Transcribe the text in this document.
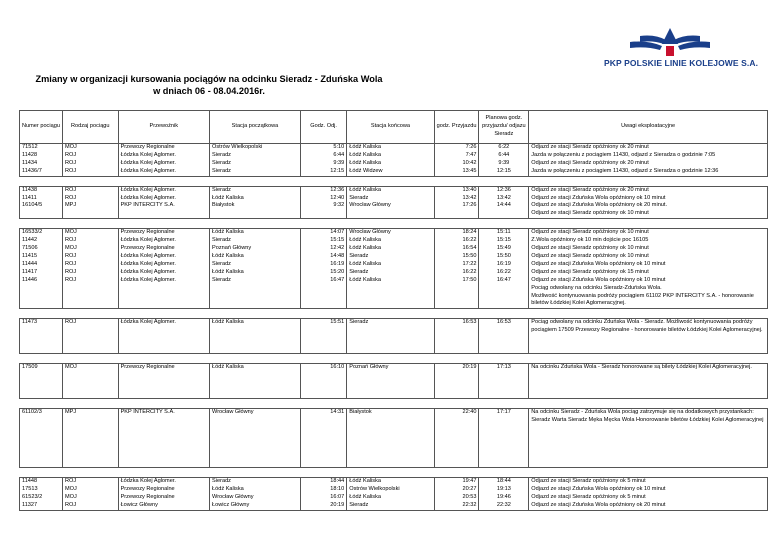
Zmiany w organizacji kursowania pociągów na odcinku Sieradz - Zduńska Wola
w dniach 06 - 08.04.2016r.
PKP POLSKIE LINIE KOLEJOWE S.A.
Numer pociągu	Rodzaj pociągu	Przewoźnik	Stacja początkowa	Godz. Odj.	Stacja końcowa	godz. Przyjazdu	Planowa godz. przyjazdu/ odjazu Sieradz	Uwagi eksploatacyjne
71512	MOJ	Przewozy Regionalne	Ostrów Wielkopolski	5:10	Łódź Kaliska	7:26	6:22	Odjazd ze stacji Sieradz opóźniony ok 20 minut
11428	ROJ	Łódzka Kolej Aglomer.	Sieradz	6:44	Łódź Kaliska	7:47	6:44	Jazda w połączeniu z pociągiem 11430, odjazd z Sieradza o godzinie 7:05
11434	ROJ	Łódzka Kolej Aglomer.	Sieradz	9:39	Łódź Kaliska	10:42	9:39	Odjazd ze stacji Sieradz opóźniony ok 20 minut
11436/7	ROJ	Łódzka Kolej Aglomer.	Sieradz	12:15	Łódź Widzew	13:45	12:15	Jazda w połączeniu z pociągiem 11430, odjazd z Sieradza o godzinie 12:36

11438	ROJ	Łódzka Kolej Aglomer.	Sieradz	12:36	Łódź Kaliska	13:40	12:36	Odjazd ze stacji Sieradz opóźniony ok 20 minut
11411	ROJ	Łódzka Kolej Aglomer.	Łódź Kaliska	12:40	Sieradz	13:42	13:42	Odjazd ze stacji Zduńska Wola opóźniony ok 10 minut
16104/5	MPJ	PKP INTERCITY S.A.	Białystok	9:32	Wrocław Główny	17:26	14:44	Odjazd ze stacji Zduńska Wola opóźniony ok 20 minut.
								Odjazd ze stacji Sieradz opóźniony ok 10 minut

16533/2	MOJ	Przewozy Regionalne	Łódź Kaliska	14:07	Wrocław Główny	18:24	15:11	Odjazd ze stacji Sieradz opóźniony ok 10 minut
11442	ROJ	Łódzka Kolej Aglomer.	Sieradz	15:15	Łódź Kaliska	16:22	15:15	Z.Wola opóźniony ok 10 min dojście poc 16105
71506	MOJ	Przewozy Regionalne	Poznań Główny	12:42	Łódź Kaliska	16:54	15:49	Odjazd ze stacji Sieradz opóźniony ok 10 minut
11415	ROJ	Łódzka Kolej Aglomer.	Łódź Kaliska	14:48	Sieradz	15:50	15:50	Odjazd ze stacji Sieradz opóźniony ok 10 minut
11444	ROJ	Łódzka Kolej Aglomer.	Sieradz	16:19	Łódź Kaliska	17:22	16:19	Odjazd ze stacji Zduńska Wola opóźniony ok 10 minut
11417	ROJ	Łódzka Kolej Aglomer.	Łódź Kaliska	15:20	Sieradz	16:22	16:22	Odjazd ze stacji Sieradz opóźniony ok 15 minut
11446	ROJ	Łódzka Kolej Aglomer.	Sieradz	16:47	Łódź Kaliska	17:50	16:47	Odjazd ze stacji Zduńska Wola opóźniony ok 10 minut
								Pociąg odwołany na odcinku Sieradz-Zduńska Wola.
								Możliwość kontynuowania podróży pociągiem 61102 PKP INTERCITY S.A. - honorowanie biletów Łódzkiej Kolei Aglomeracyjnej.

11473	ROJ	Łódzka Kolej Aglomer.	Łódź Kaliska	15:51	Sieradz	16:53	16:53	Pociąg odwołany na odcinku Zduńska Wola - Sieradz. Możliwość kontynuowania podróży pociągiem 17509 Przewozy Regionalne - honorowanie biletów Łódzkiej Kolei Aglomeracyjnej.

17509	MOJ	Przewozy Regionalne	Łódź Kaliska	16:10	Poznań Główny	20:19	17:13	Na odcinku Zduńska Wola - Sieradz honorowane są bilety Łódzkiej Kolei Aglomeracyjnej.

61102/3	MPJ	PKP INTERCITY S.A.	Wrocław Główny	14:31	Białystok	22:40	17:17	Na odcinku Sieradz - Zduńska Wola pociąg zatrzymuje się na dodatkowych przystankach: Sieradz Warta Sieradz Męka Męcka Wola Honorowanie biletów Łódzkiej Kolei Aglomeracyjnej

11448	ROJ	Łódzka Kolej Aglomer.	Sieradz	18:44	Łódź Kaliska	19:47	18:44	Odjazd ze stacji Sieradz opóźniony ok 5 minut
17513	MOJ	Przewozy Regionalne	Łódź Kaliska	18:10	Ostrów Wielkopolski	20:27	19:13	Odjazd ze stacji Zduńska Wola opóźniony ok 10 minut
61523/2	MOJ	Przewozy Regionalne	Wrocław Główny	16:07	Łódź Kaliska	20:53	19:46	Odjazd ze stacji Sieradz opóźniony ok 5 minut
11327	ROJ	Łowicz Główny	Łowicz Główny	20:19	Sieradz	22:32	22:32	Odjazd ze stacji Zduńska Wola opóźniony ok 20 minut
